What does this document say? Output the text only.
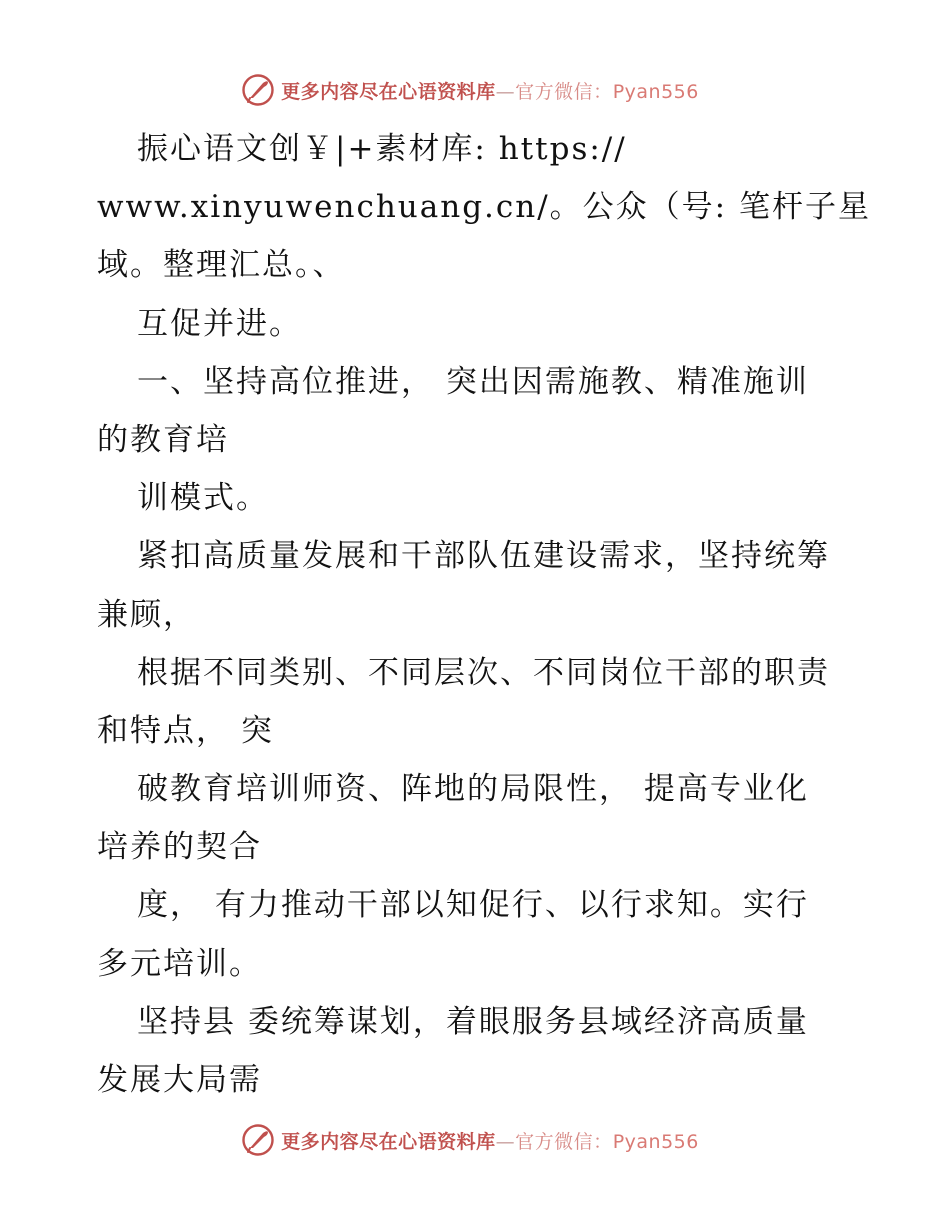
更多内容尽在心语资料库—官方微信：Pyan556
振心语文创￥|+素材库: https://
www.xinyuwenchuang.cn/。公众（号: 笔杆子星
域。整理汇总。、
互促并进。
一、坚持高位推进， 突出因需施教、精准施训
的教育培
训模式。
紧扣高质量发展和干部队伍建设需求，坚持统筹
兼顾，
根据不同类别、不同层次、不同岗位干部的职责
和特点， 突
破教育培训师资、阵地的局限性， 提高专业化
培养的契合
度， 有力推动干部以知促行、以行求知。实行
多元培训。
坚持县 委统筹谋划，着眼服务县域经济高质量
发展大局需
更多内容尽在心语资料库—官方微信：Pyan556
